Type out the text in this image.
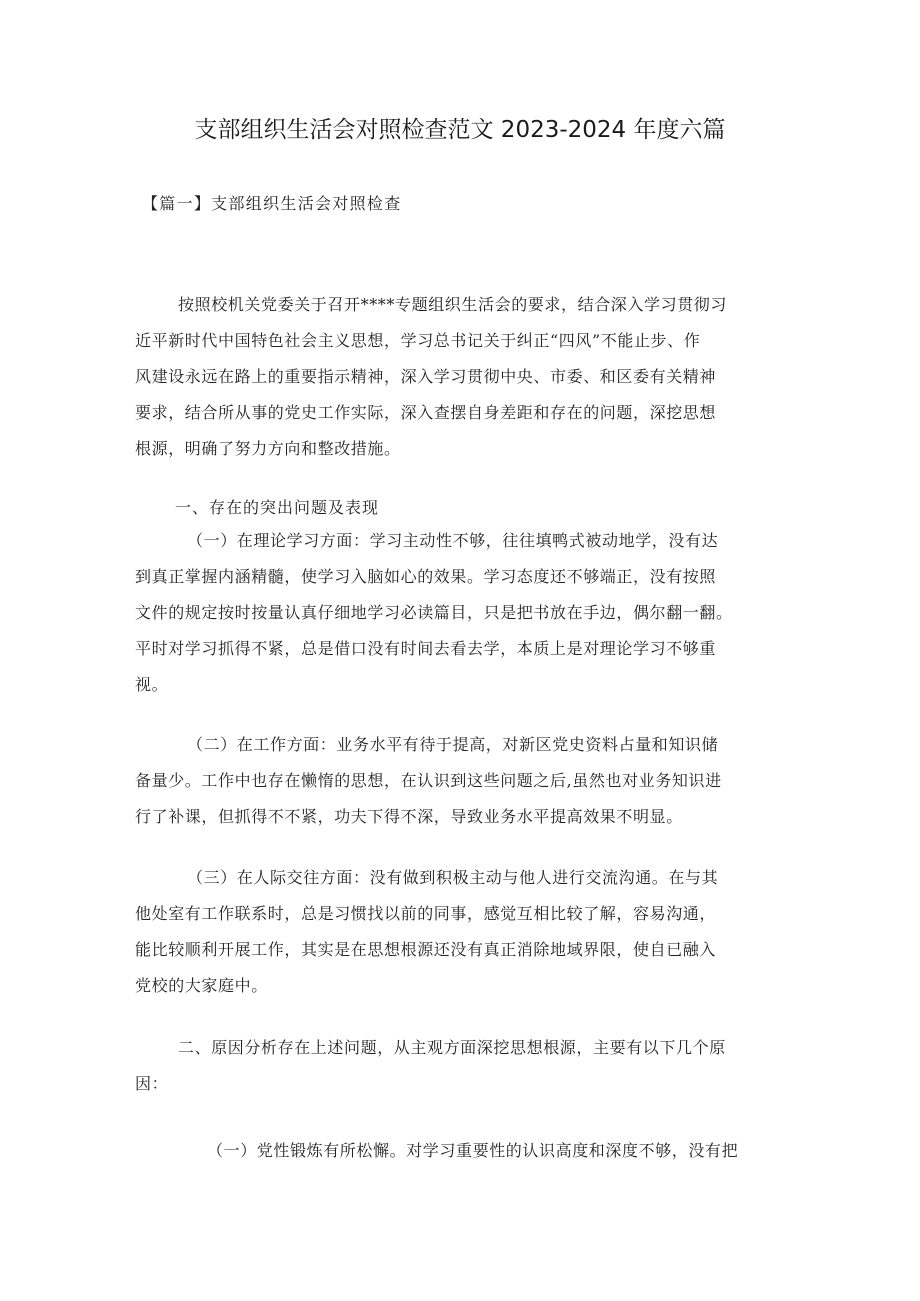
支部组织生活会对照检查范文 2023-2024 年度六篇

【篇一】支部组织生活会对照检查

按照校机关党委关于召开****专题组织生活会的要求，结合深入学习贯彻习
近平新时代中国特色社会主义思想，学习总书记关于纠正“四风”不能止步、作
风建设永远在路上的重要指示精神，深入学习贯彻中央、市委、和区委有关精神
要求，结合所从事的党史工作实际，深入查摆自身差距和存在的问题，深挖思想
根源，明确了努力方向和整改措施。

一、存在的突出问题及表现

（一）在理论学习方面：学习主动性不够，往往填鸭式被动地学，没有达
到真正掌握内涵精髓，使学习入脑如心的效果。学习态度还不够端正，没有按照
文件的规定按时按量认真仔细地学习必读篇目，只是把书放在手边，偶尔翻一翻。
平时对学习抓得不紧，总是借口没有时间去看去学，本质上是对理论学习不够重
视。
（二）在工作方面：业务水平有待于提高，对新区党史资料占量和知识储
备量少。工作中也存在懒惰的思想，在认识到这些问题之后,虽然也对业务知识进
行了补课，但抓得不不紧，功夫下得不深，导致业务水平提高效果不明显。
（三）在人际交往方面：没有做到积极主动与他人进行交流沟通。在与其
他处室有工作联系时，总是习惯找以前的同事，感觉互相比较了解，容易沟通，
能比较顺利开展工作，其实是在思想根源还没有真正消除地域界限，使自已融入
党校的大家庭中。
二、原因分析存在上述问题，从主观方面深挖思想根源，主要有以下几个原
因：
（一）党性锻炼有所松懈。对学习重要性的认识高度和深度不够，没有把
